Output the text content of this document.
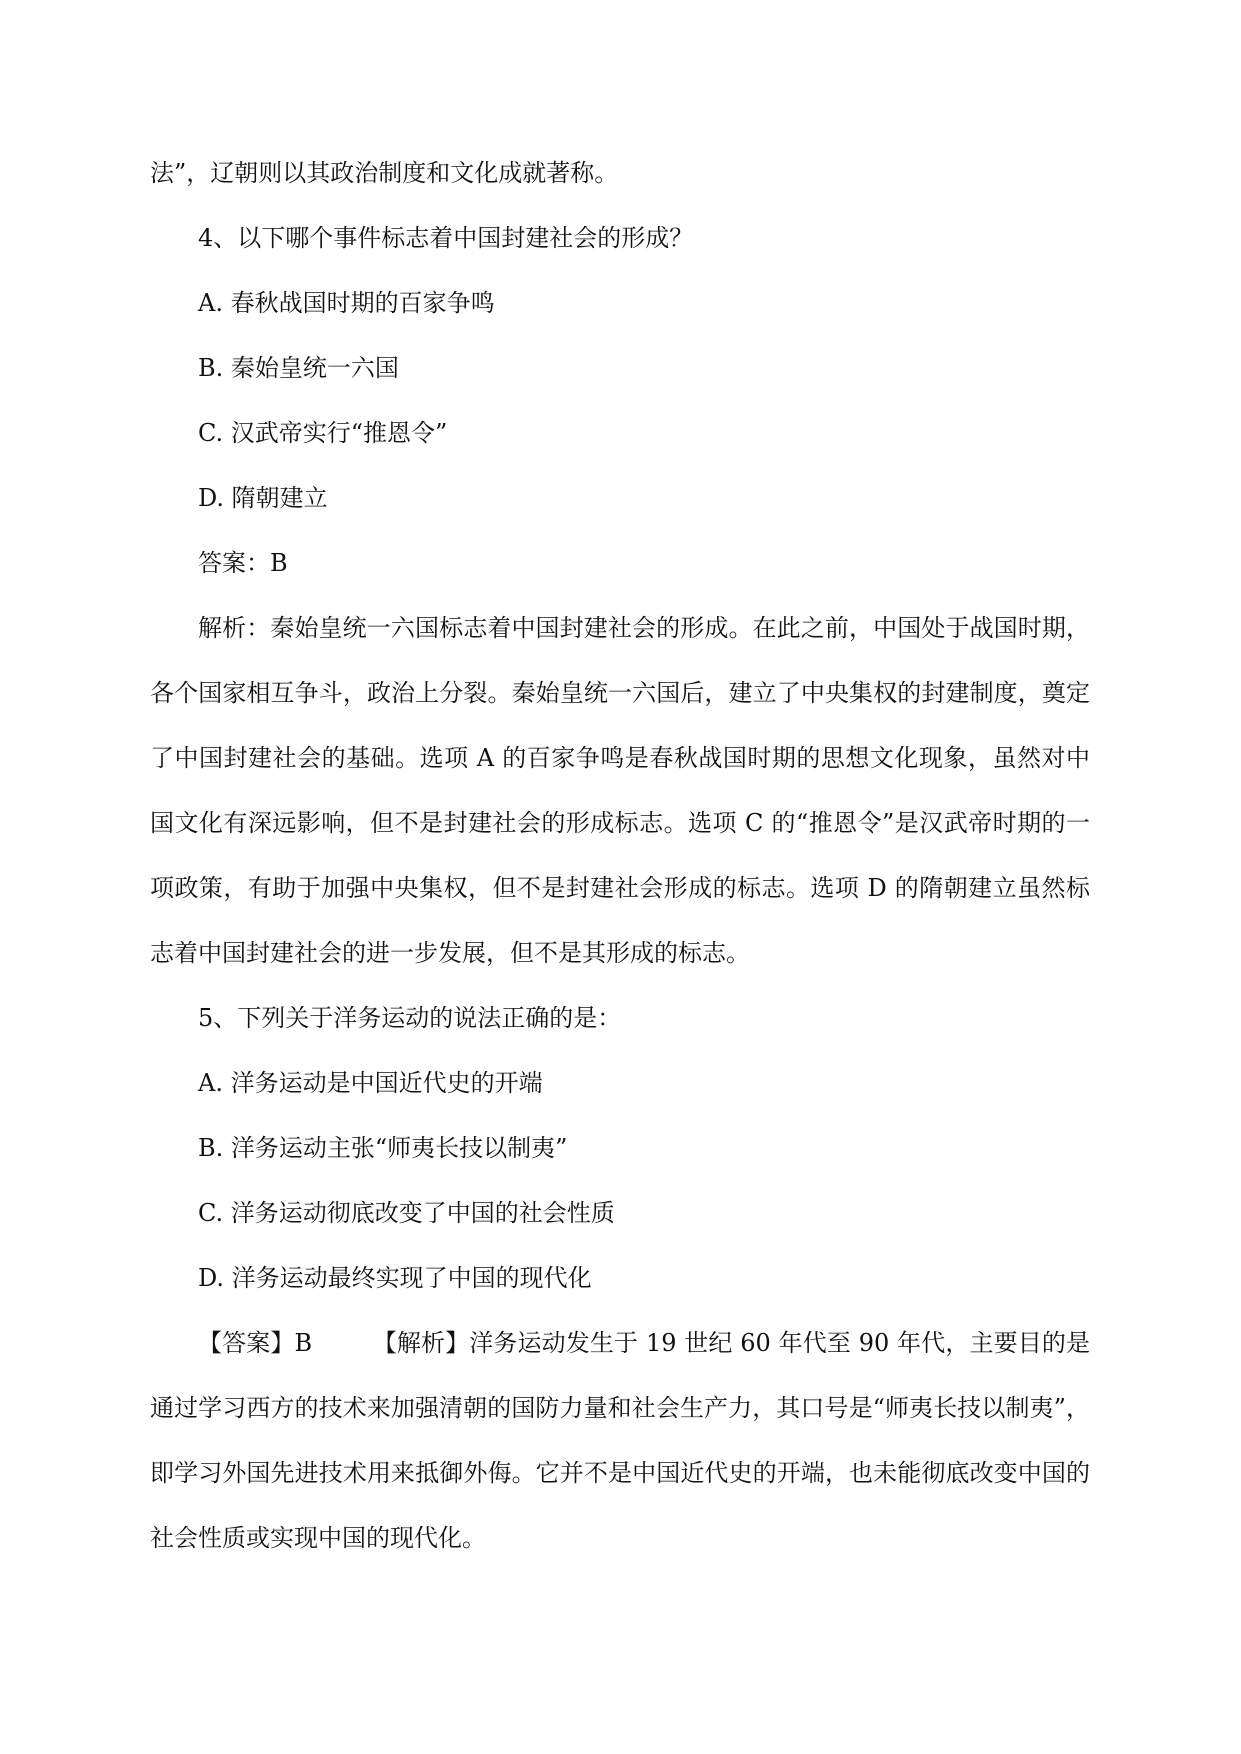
法”，辽朝则以其政治制度和文化成就著称。

4、以下哪个事件标志着中国封建社会的形成？

A. 春秋战国时期的百家争鸣

B. 秦始皇统一六国

C. 汉武帝实行“推恩令”

D. 隋朝建立

答案：B

解析：秦始皇统一六国标志着中国封建社会的形成。在此之前，中国处于战国时期，各个国家相互争斗，政治上分裂。秦始皇统一六国后，建立了中央集权的封建制度，奠定了中国封建社会的基础。选项 A 的百家争鸣是春秋战国时期的思想文化现象，虽然对中国文化有深远影响，但不是封建社会的形成标志。选项 C 的“推恩令”是汉武帝时期的一项政策，有助于加强中央集权，但不是封建社会形成的标志。选项 D 的隋朝建立虽然标志着中国封建社会的进一步发展，但不是其形成的标志。

5、下列关于洋务运动的说法正确的是：

A. 洋务运动是中国近代史的开端

B. 洋务运动主张“师夷长技以制夷”

C. 洋务运动彻底改变了中国的社会性质

D. 洋务运动最终实现了中国的现代化

【答案】B　　　【解析】洋务运动发生于 19 世纪 60 年代至 90 年代，主要目的是通过学习西方的技术来加强清朝的国防力量和社会生产力，其口号是“师夷长技以制夷”，即学习外国先进技术用来抵御外侮。它并不是中国近代史的开端，也未能彻底改变中国的社会性质或实现中国的现代化。
